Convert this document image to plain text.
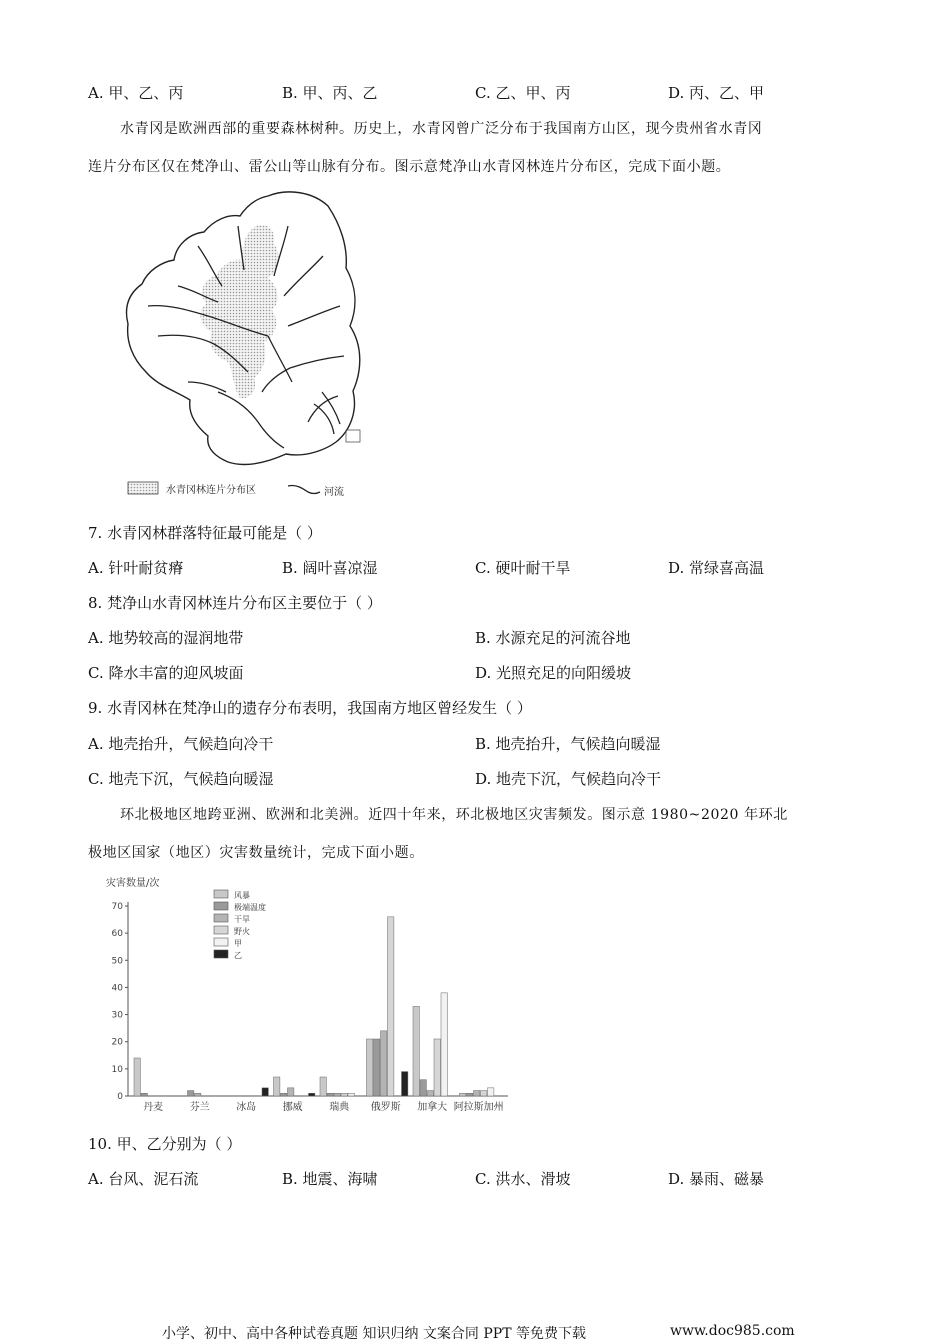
A. 甲、乙、丙	B. 甲、丙、乙	C. 乙、甲、丙	D. 丙、乙、甲
水青冈是欧洲西部的重要森林树种。历史上，水青冈曾广泛分布于我国南方山区，现今贵州省水青冈
连片分布区仅在梵净山、雷公山等山脉有分布。图示意梵净山水青冈林连片分布区，完成下面小题。
水青冈林连片分布区	河流
7. 水青冈林群落特征最可能是（ ）
A. 针叶耐贫瘠	B. 阔叶喜凉湿	C. 硬叶耐干旱	D. 常绿喜高温
8. 梵净山水青冈林连片分布区主要位于（ ）
A. 地势较高的湿润地带	B. 水源充足的河流谷地
C. 降水丰富的迎风坡面	D. 光照充足的向阳缓坡
9. 水青冈林在梵净山的遗存分布表明，我国南方地区曾经发生（ ）
A. 地壳抬升，气候趋向冷干	B. 地壳抬升，气候趋向暖湿
C. 地壳下沉，气候趋向暖湿	D. 地壳下沉，气候趋向冷干
环北极地区地跨亚洲、欧洲和北美洲。近四十年来，环北极地区灾害频发。图示意 1980~2020 年环北
极地区国家（地区）灾害数量统计，完成下面小题。
灾害数量/次
0
10
20
30
40
50
60
70
风暴
极端温度
干旱
野火
甲
乙
丹麦	芬兰	冰岛	挪威	瑞典 俄罗斯 加拿大 阿拉斯加州
10. 甲、乙分别为（ ）
A. 台风、泥石流	B. 地震、海啸	C. 洪水、滑坡	D. 暴雨、磁暴
小学、初中、高中各种试卷真题 知识归纳 文案合同 PPT 等免费下载	www.doc985.com
